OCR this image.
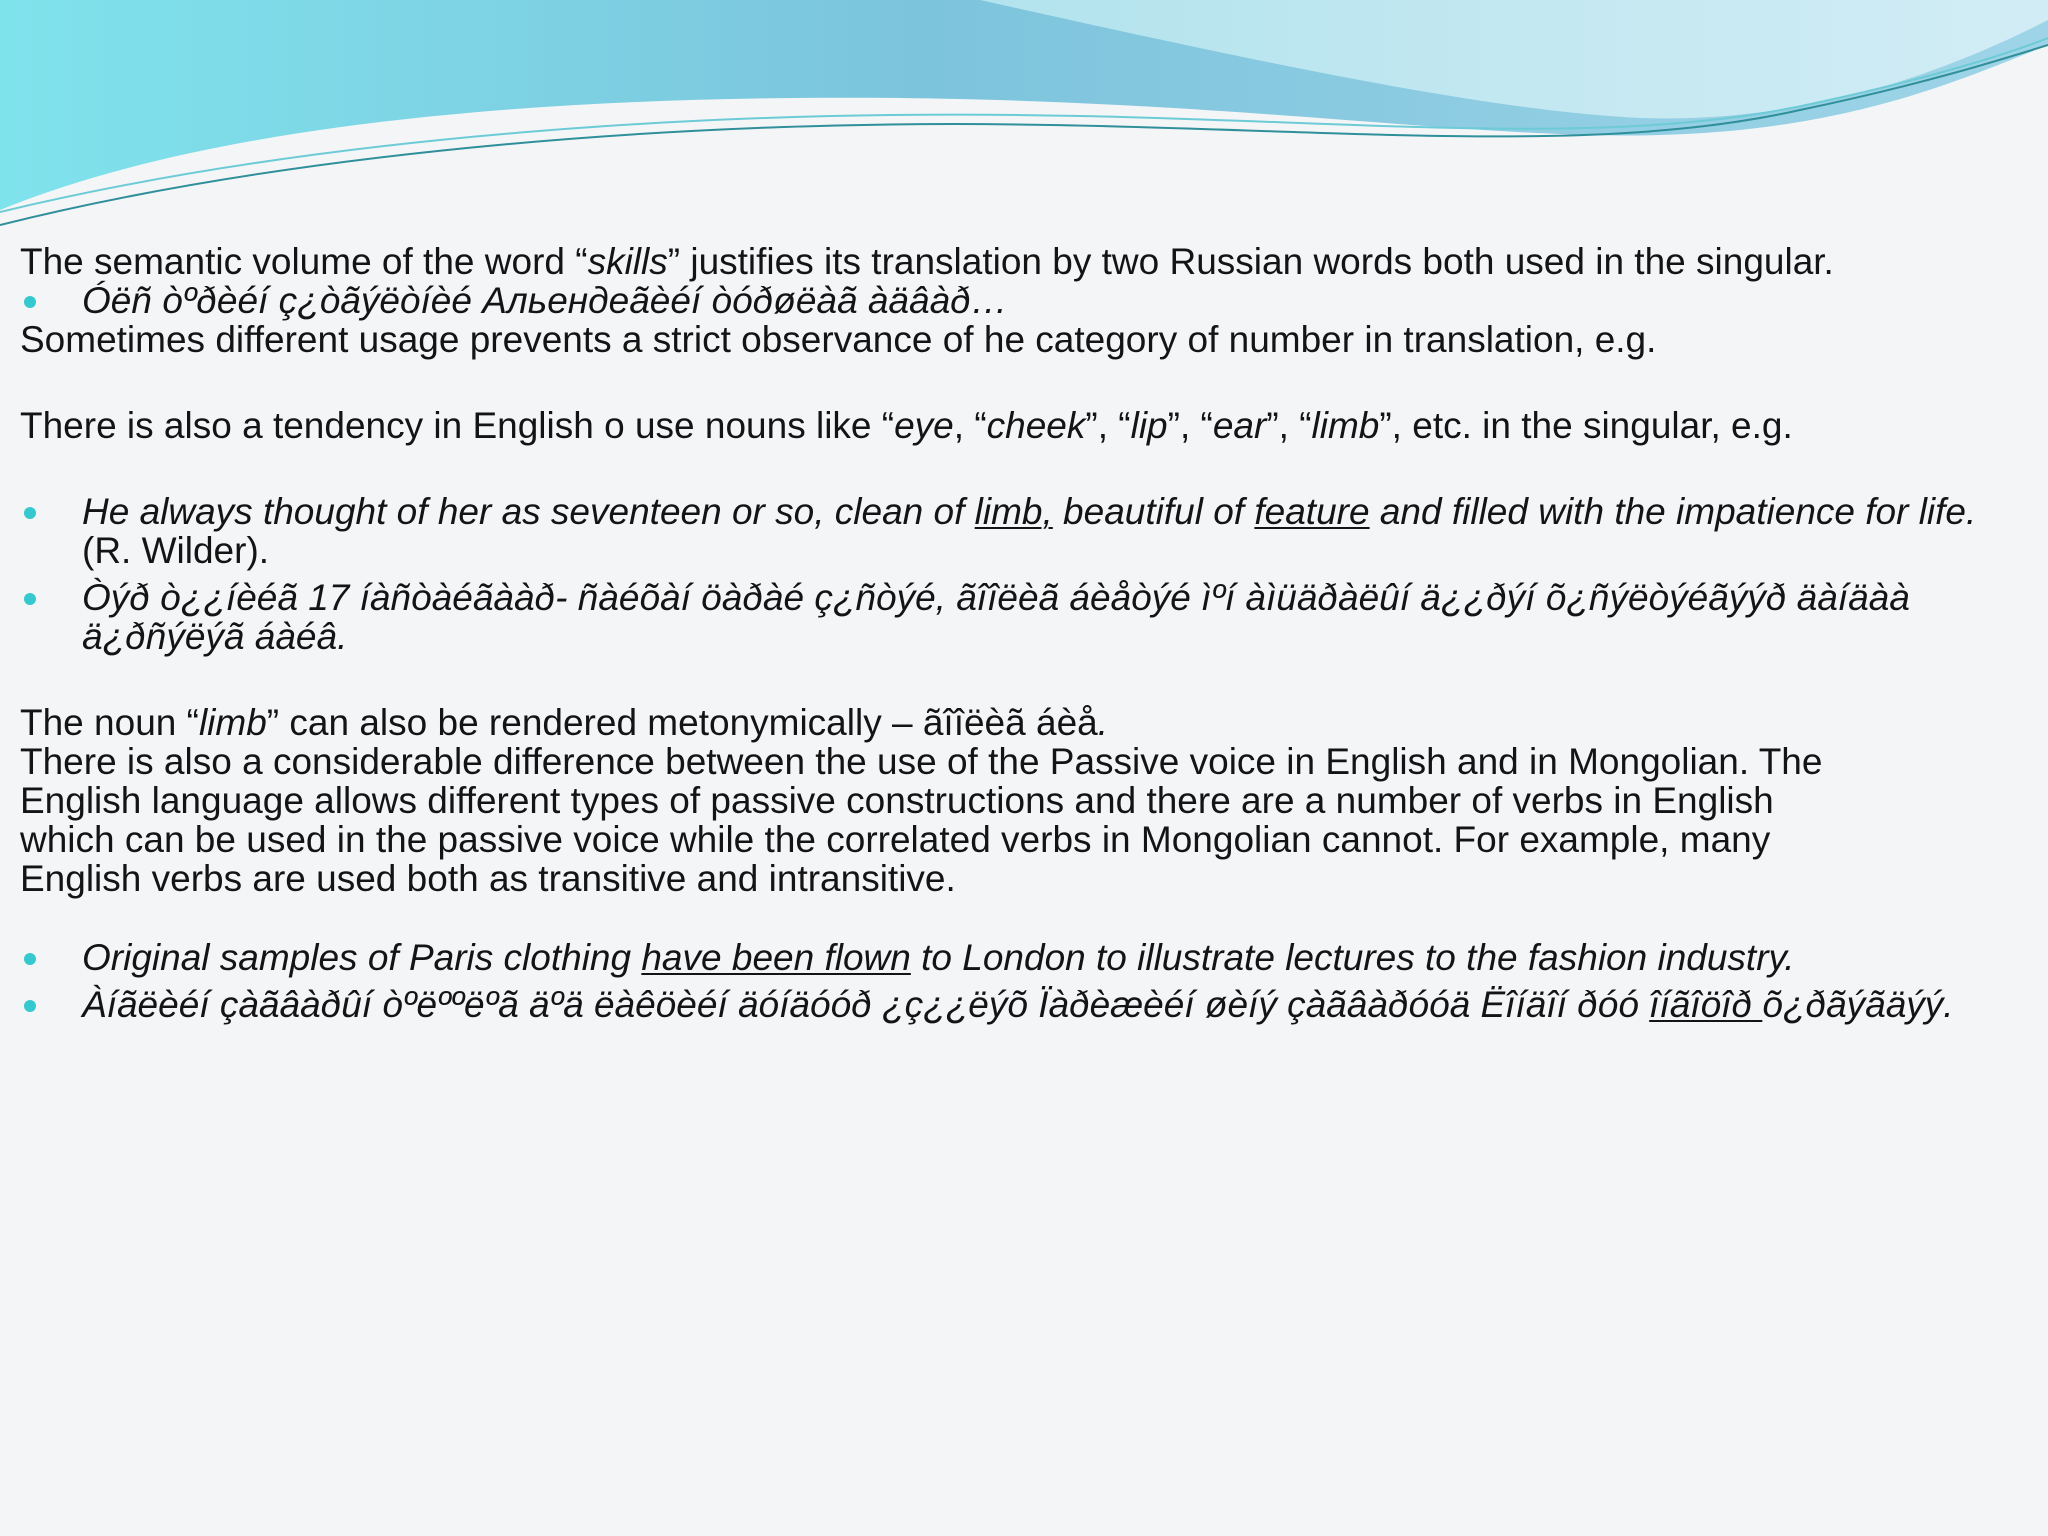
The semantic volume of the word “skills” justifies its translation by two Russian words both used in the singular.

Óëñ òºðèéí ç¿òãýëòíèé Альендеãèéí òóðøëàã àäâàð…

Sometimes different usage prevents a strict observance of he category of number in translation, e.g.

There is also a tendency in English o use nouns like “eye, “cheek”, “lip”, “ear”, “limb”, etc. in the singular, e.g.

He always thought of her as seventeen or so, clean of limb, beautiful of feature and filled with the impatience for life. (R. Wilder).

Òýð ò¿¿íèéã 17 íàñòàéãààð- ñàéõàí öàðàé ç¿ñòýé, ãîîëèã áèåòýé ìºí àìüäðàëûí ä¿¿ðýí õ¿ñýëòýéãýýð äàíäàà ä¿ðñýëýã áàéâ.

The noun “limb” can also be rendered metonymically – ãîîëèã áèå.

There is also a considerable difference between the use of the Passive voice in English and in Mongolian. The

English language allows different types of passive constructions and there are a number of verbs in English

which can be used in the passive voice while the correlated verbs in Mongolian cannot. For example, many

English verbs are used both as transitive and intransitive.

Original samples of Paris clothing have been flown to London to illustrate lectures to the fashion industry.

Àíãëèéí çàãâàðûí òºëººëºã äºä ëàêöèéí äóíäóóð ¿ç¿¿ëýõ Ïàðèæèéí øèíý çàãâàðóóä Ëîíäîí ðóó îíãîöîð õ¿ðãýãäýý.
